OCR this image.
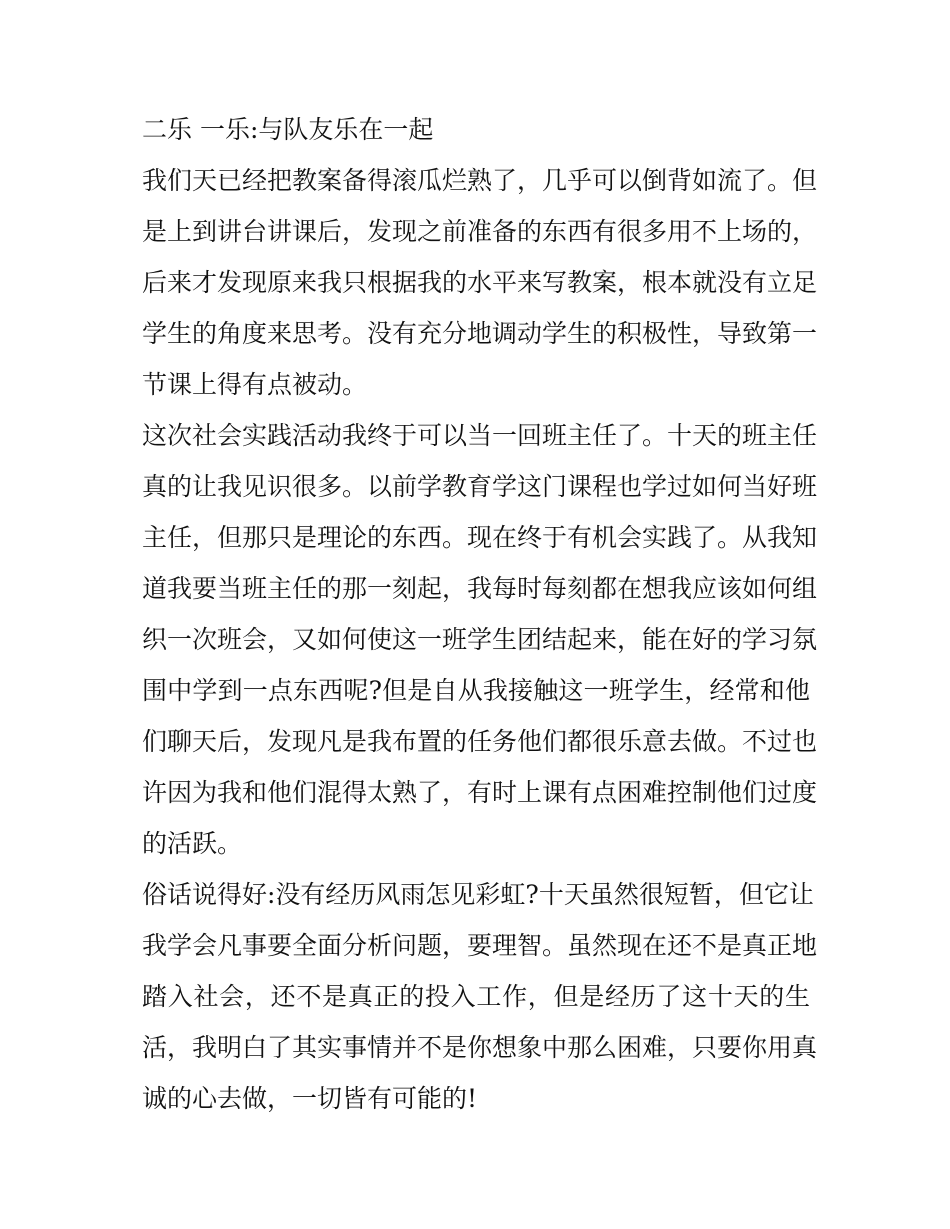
二乐 一乐:与队友乐在一起
我们天已经把教案备得滚瓜烂熟了，几乎可以倒背如流了。但
是上到讲台讲课后，发现之前准备的东西有很多用不上场的，
后来才发现原来我只根据我的水平来写教案，根本就没有立足
学生的角度来思考。没有充分地调动学生的积极性，导致第一
节课上得有点被动。
这次社会实践活动我终于可以当一回班主任了。十天的班主任
真的让我见识很多。以前学教育学这门课程也学过如何当好班
主任，但那只是理论的东西。现在终于有机会实践了。从我知
道我要当班主任的那一刻起，我每时每刻都在想我应该如何组
织一次班会，又如何使这一班学生团结起来，能在好的学习氛
围中学到一点东西呢?但是自从我接触这一班学生，经常和他
们聊天后，发现凡是我布置的任务他们都很乐意去做。不过也
许因为我和他们混得太熟了，有时上课有点困难控制他们过度
的活跃。
俗话说得好:没有经历风雨怎见彩虹?十天虽然很短暂，但它让
我学会凡事要全面分析问题，要理智。虽然现在还不是真正地
踏入社会，还不是真正的投入工作，但是经历了这十天的生
活，我明白了其实事情并不是你想象中那么困难，只要你用真
诚的心去做，一切皆有可能的!
